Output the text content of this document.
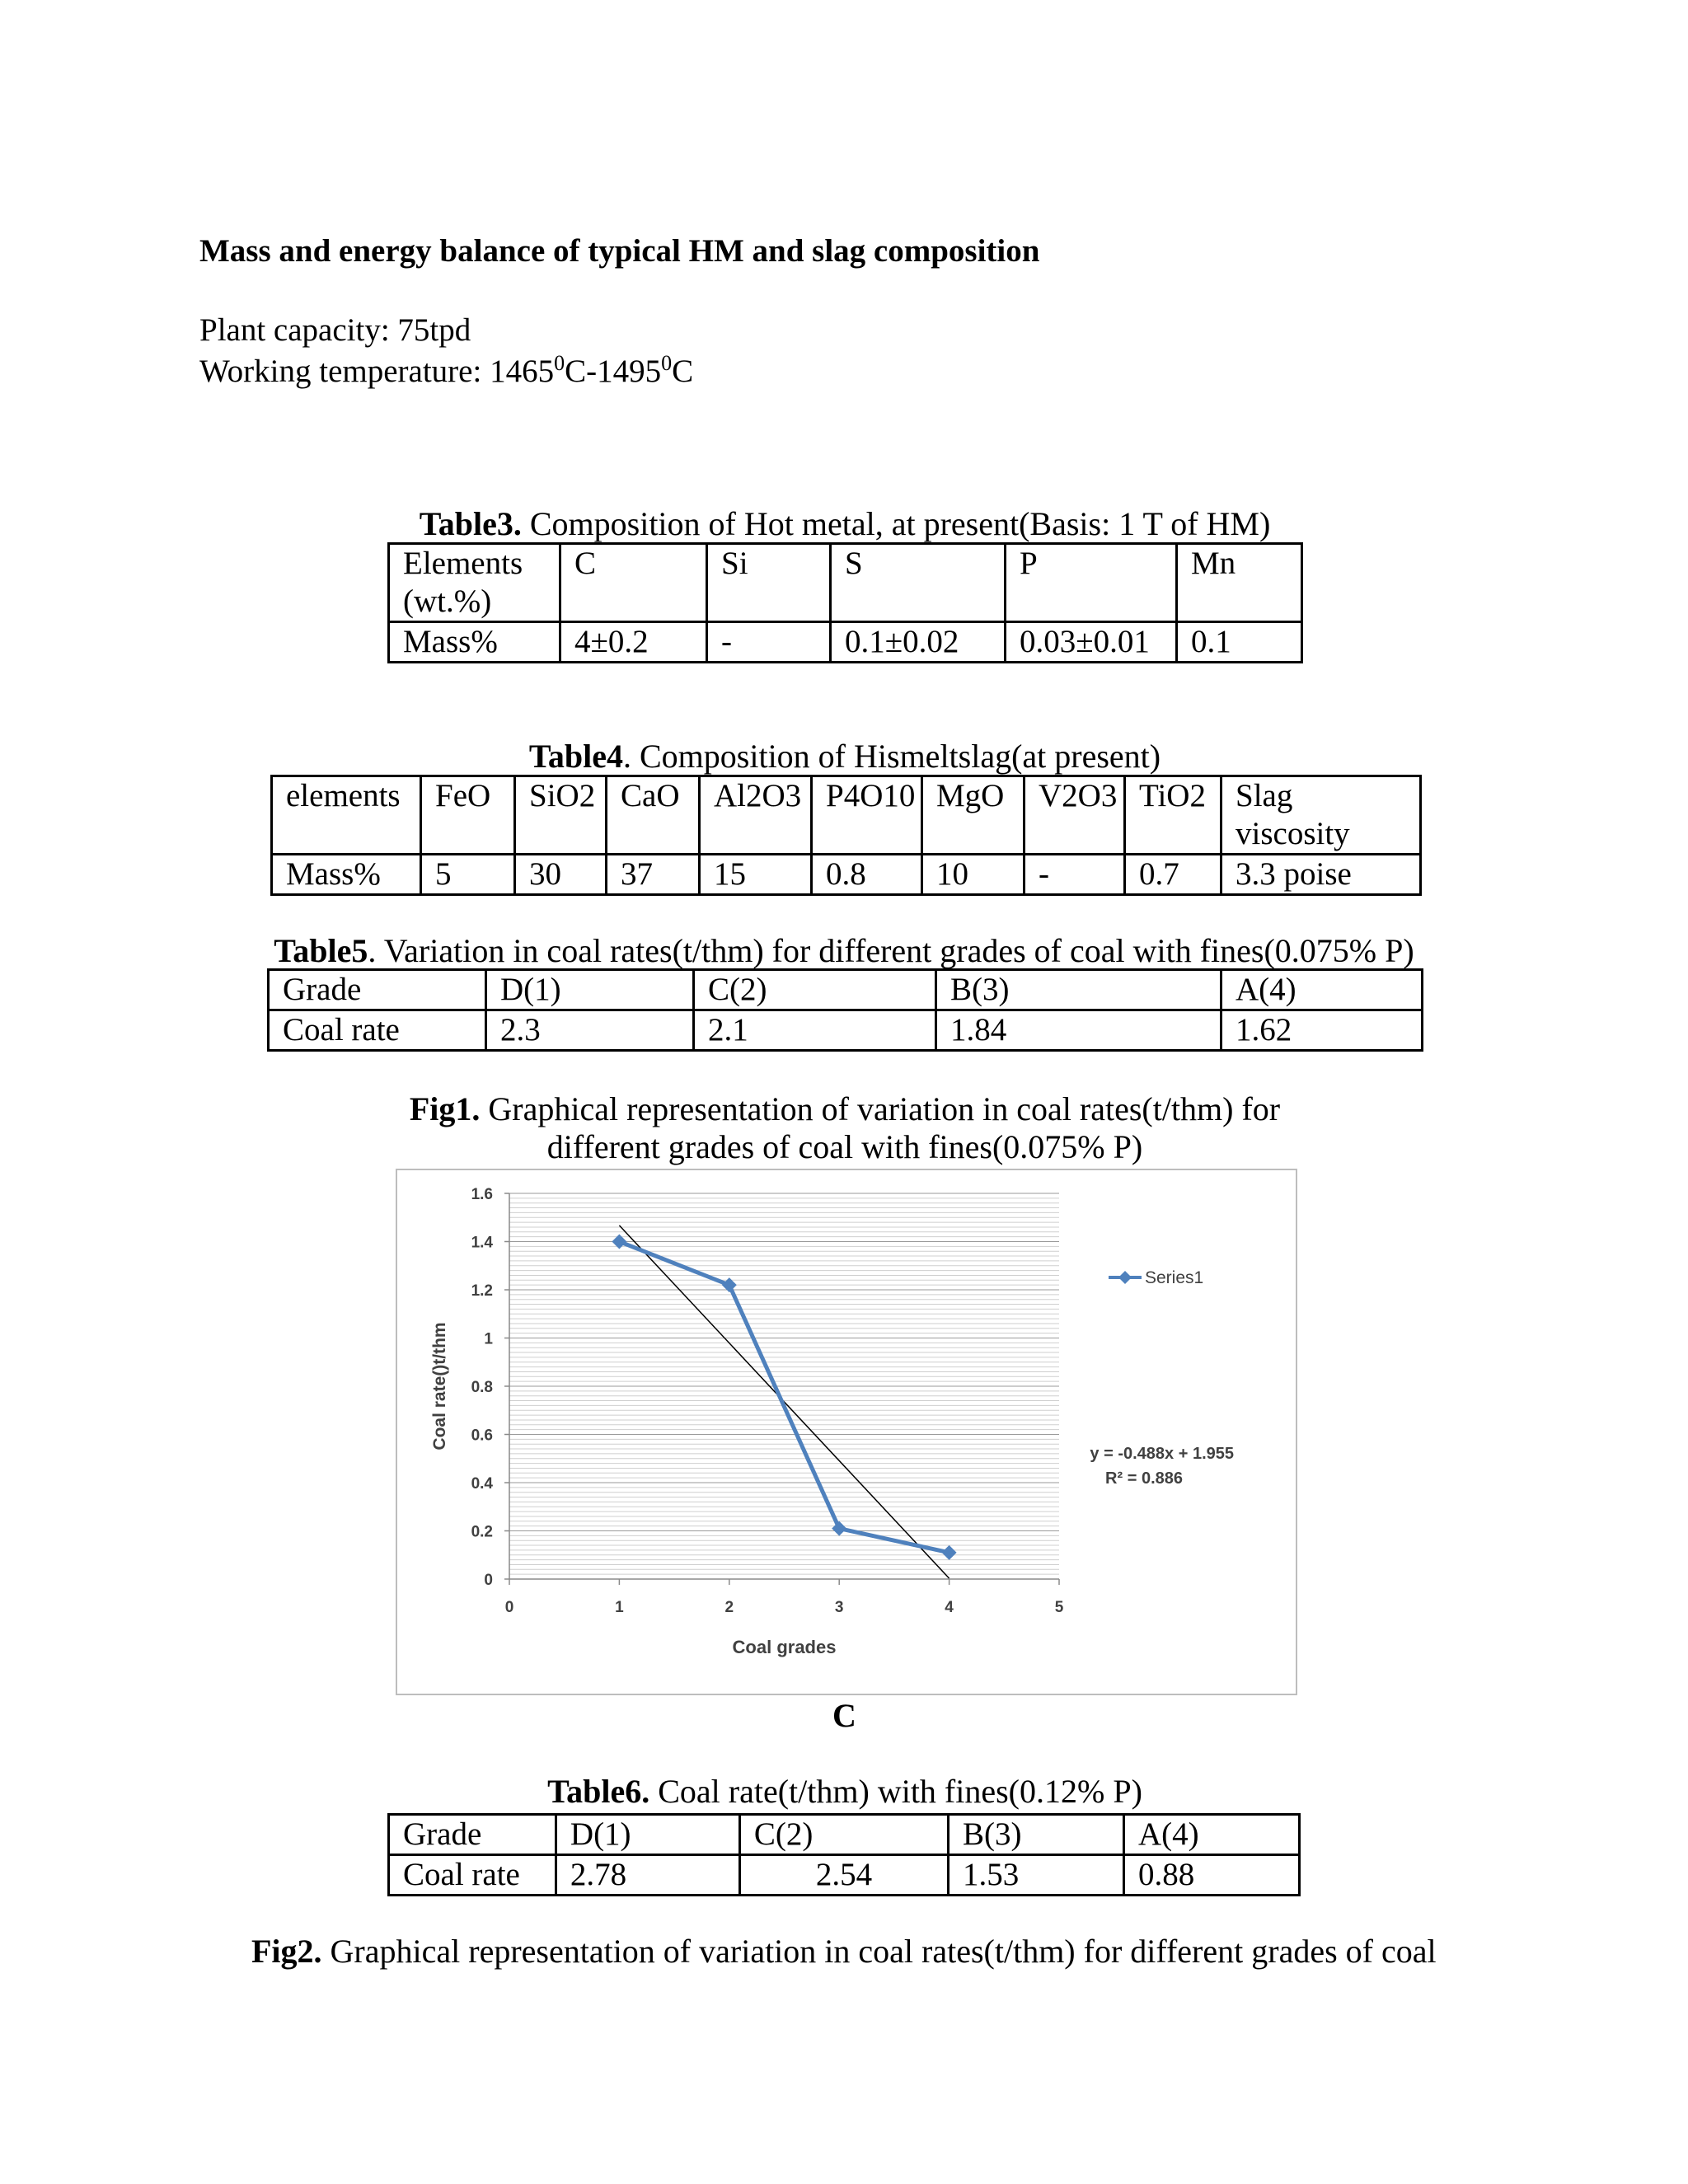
Mass and energy balance of typical HM and slag composition
Plant capacity: 75tpd
Working temperature: 1465$^0$C-1495$^0$C
Table3. Composition of Hot metal, at present(Basis: 1 T of HM)
Elements (wt.%)	C	Si	S	P	Mn
Mass%	4±0.2	-	0.1±0.02	0.03±0.01	0.1
Table4. Composition of Hismeltslag(at present)
elements	FeO	SiO2	CaO	Al2O3	P4O10	MgO	V2O3	TiO2	Slag viscosity
Mass%	5	30	37	15	0.8	10	-	0.7	3.3 poise
Table5. Variation in coal rates(t/thm) for different grades of coal with fines(0.075% P)
Grade	D(1)	C(2)	B(3)	A(4)
Coal rate	2.3	2.1	1.84	1.62
Fig1. Graphical representation of variation in coal rates(t/thm) for
different grades of coal with fines(0.075% P)
0
0.2
0.4
0.6
0.8
1
1.2
1.4
1.6
0	1	2	3	4	5
Coal grades
Coal rate()t/thm
Series1
y = -0.488x + 1.955
R² = 0.886
C
Table6. Coal rate(t/thm) with fines(0.12% P)
Grade	D(1)	C(2)	B(3)	A(4)
Coal rate	2.78	2.54	1.53	0.88
Fig2. Graphical representation of variation in coal rates(t/thm) for different grades of coal
